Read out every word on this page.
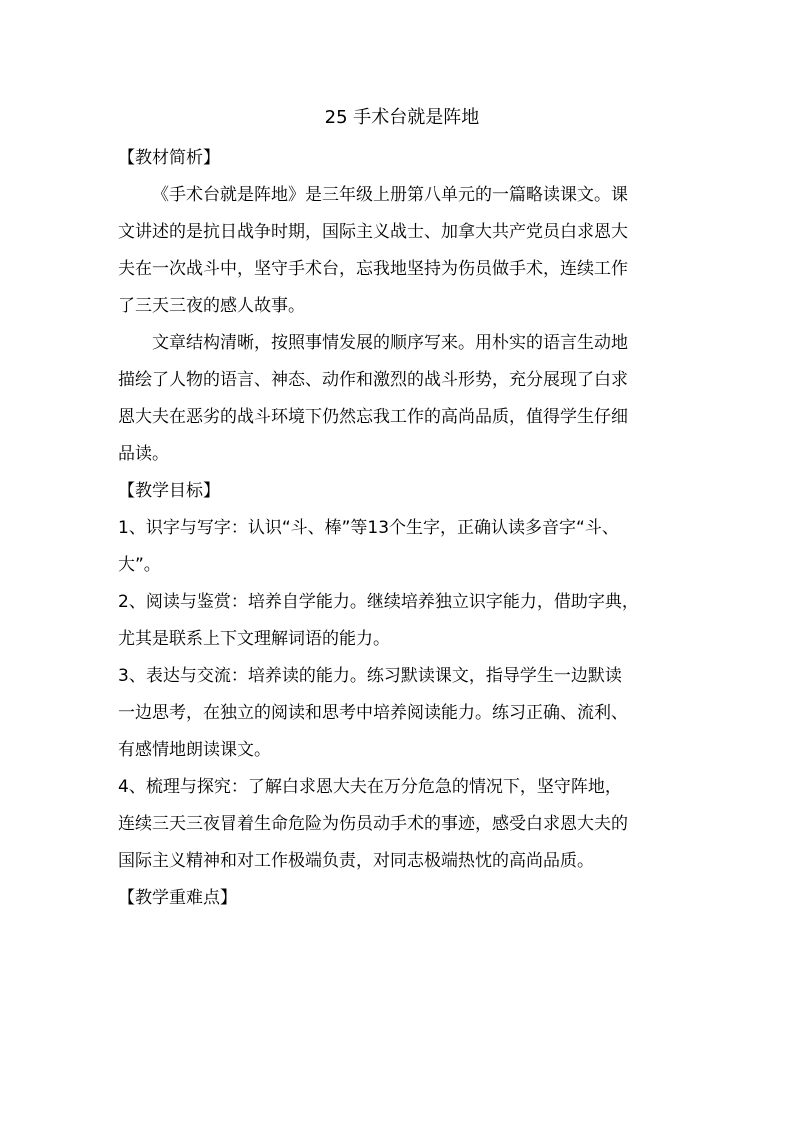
25 手术台就是阵地
【教材简析】
《手术台就是阵地》是三年级上册第八单元的一篇略读课文。课
文讲述的是抗日战争时期，国际主义战士、加拿大共产党员白求恩大
夫在一次战斗中，坚守手术台，忘我地坚持为伤员做手术，连续工作
了三天三夜的感人故事。
文章结构清晰，按照事情发展的顺序写来。用朴实的语言生动地
描绘了人物的语言、神态、动作和激烈的战斗形势，充分展现了白求
恩大夫在恶劣的战斗环境下仍然忘我工作的高尚品质，值得学生仔细
品读。
【教学目标】
1、识字与写字：认识“斗、棒”等13个生字，正确认读多音字“斗、
大”。
2、阅读与鉴赏：培养自学能力。继续培养独立识字能力，借助字典，
尤其是联系上下文理解词语的能力。
3、表达与交流：培养读的能力。练习默读课文，指导学生一边默读
一边思考，在独立的阅读和思考中培养阅读能力。练习正确、流利、
有感情地朗读课文。
4、梳理与探究：了解白求恩大夫在万分危急的情况下，坚守阵地，
连续三天三夜冒着生命危险为伤员动手术的事迹，感受白求恩大夫的
国际主义精神和对工作极端负责，对同志极端热忱的高尚品质。
【教学重难点】
